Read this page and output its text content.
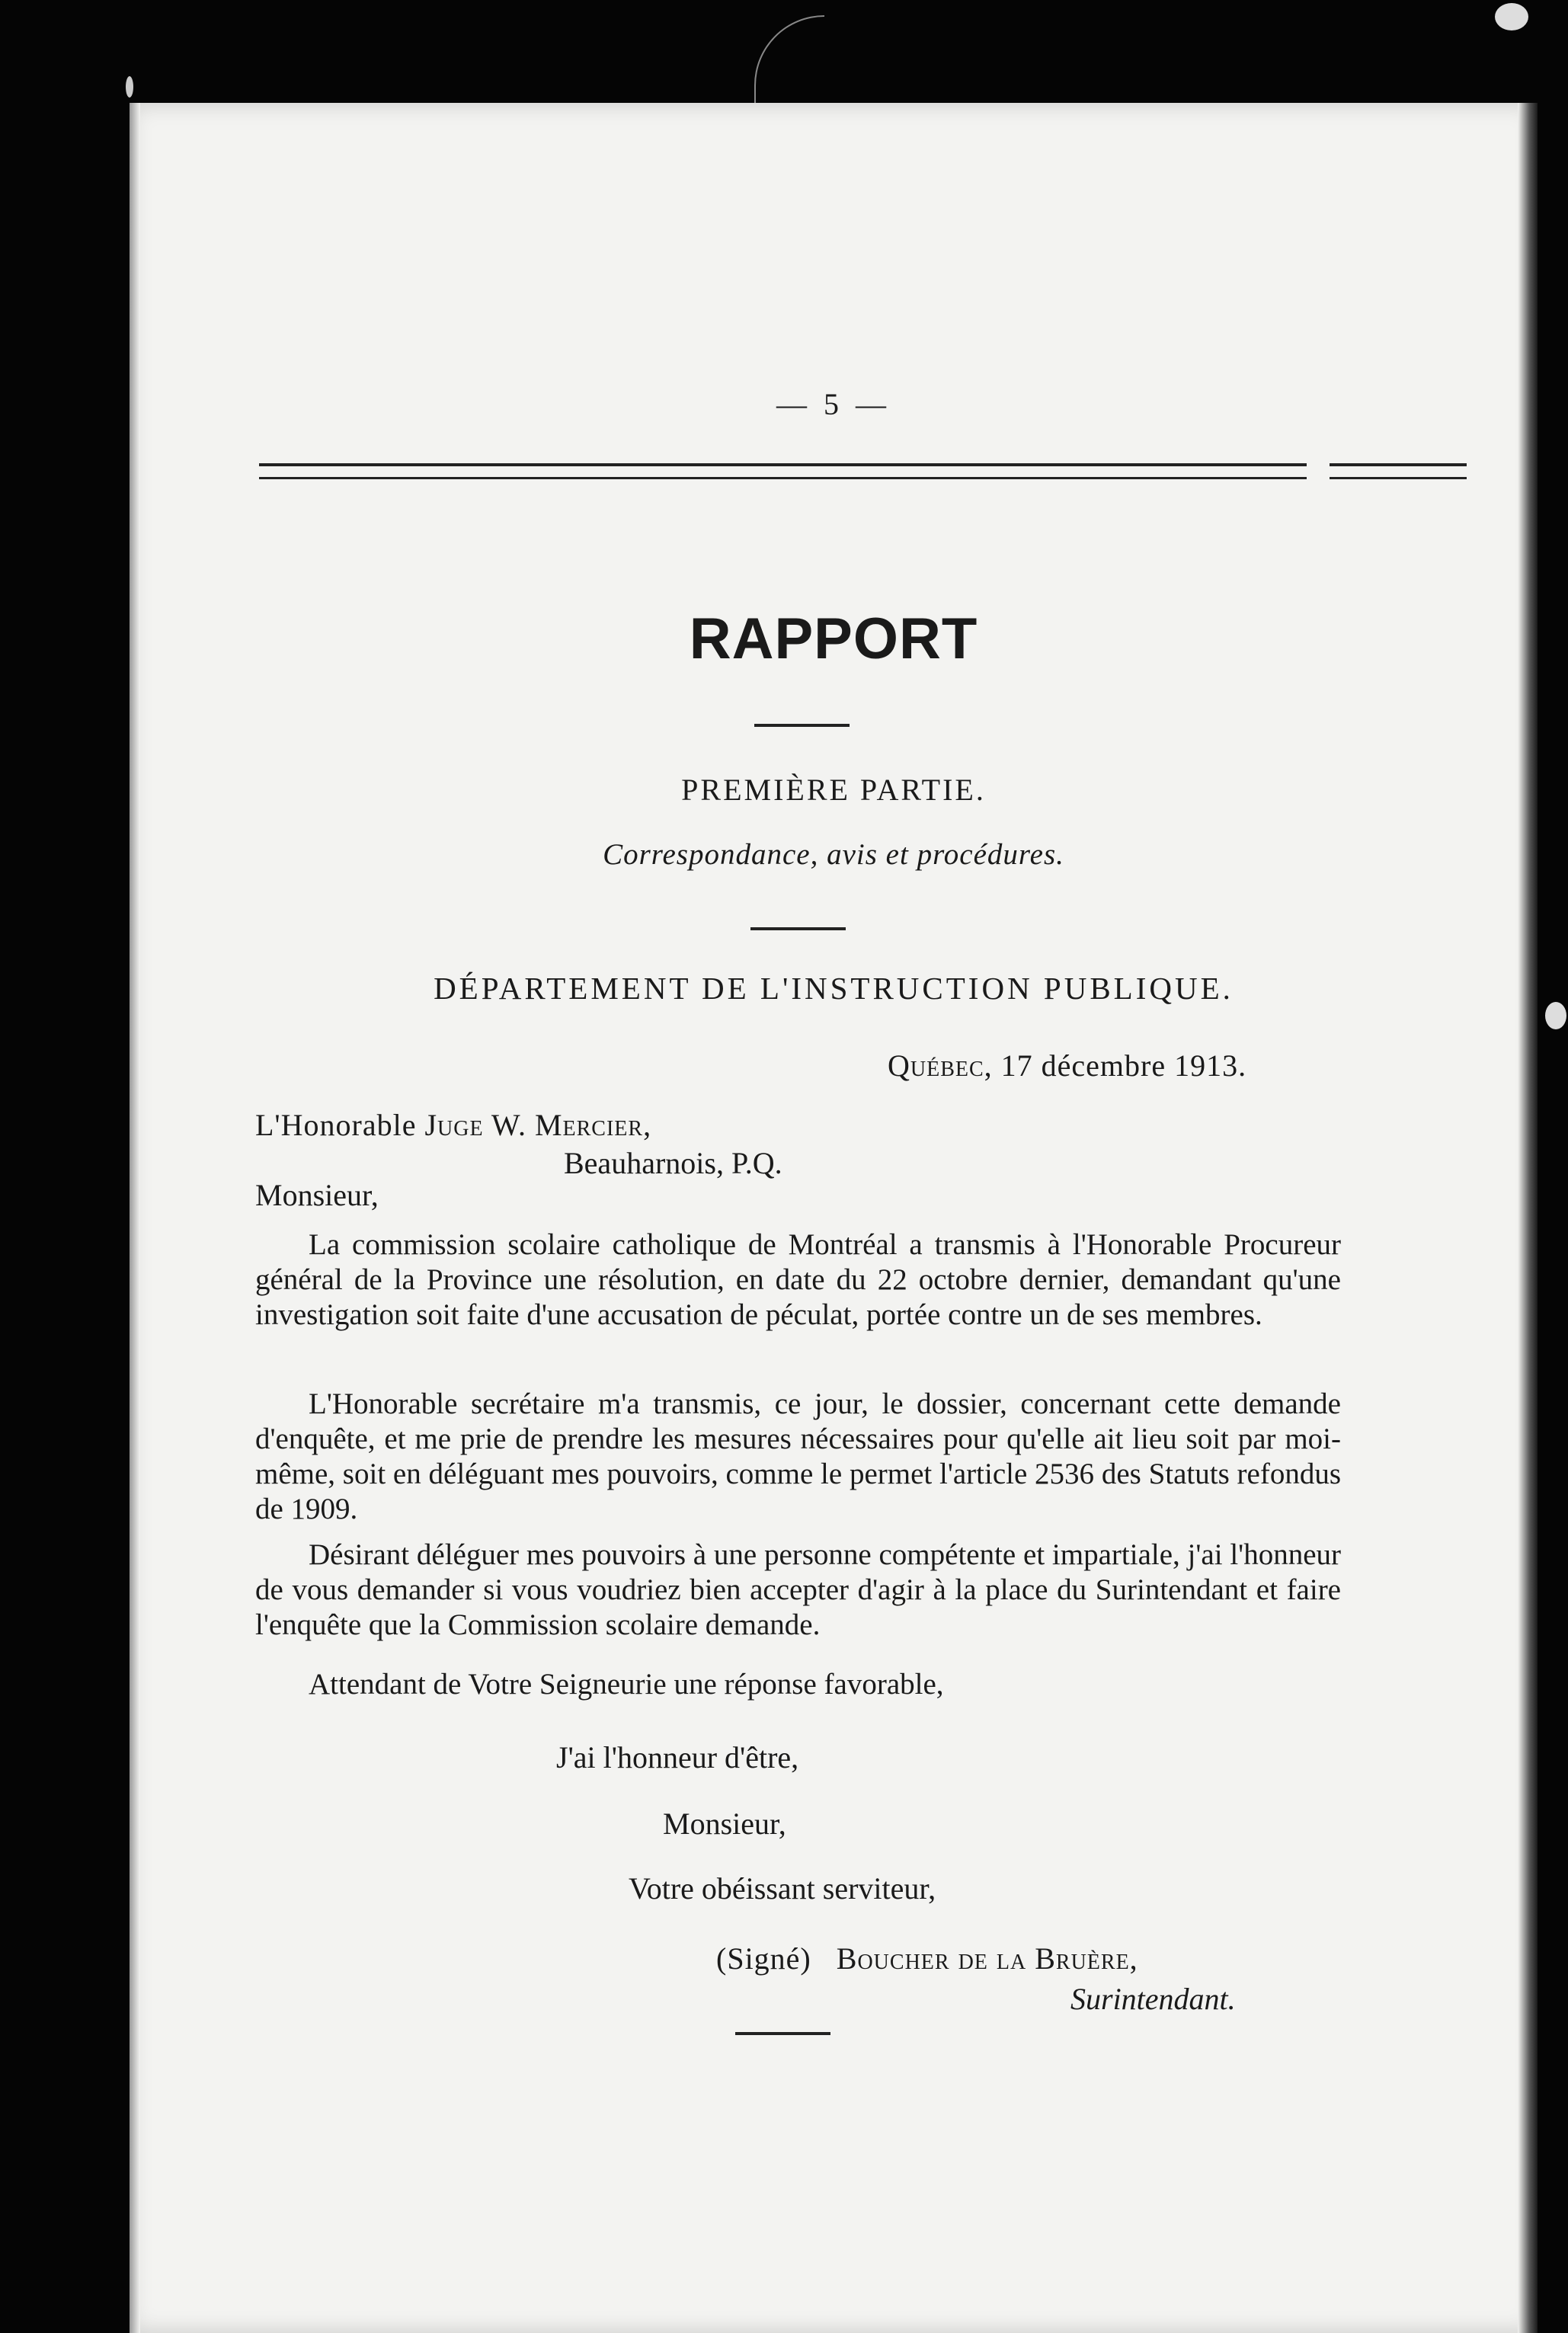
— 5 —
RAPPORT
PREMIÈRE PARTIE.
Correspondance, avis et procédures.
DÉPARTEMENT DE L'INSTRUCTION PUBLIQUE.
Québec, 17 décembre 1913.
L'Honorable Juge W. Mercier,
Beauharnois, P.Q.
Monsieur,

La commission scolaire catholique de Montréal a transmis à l'Honorable Procureur général de la Province une résolution, en date du 22 octobre dernier, demandant qu'une investigation soit faite d'une accusation de péculat, portée contre un de ses membres.

L'Honorable secrétaire m'a transmis, ce jour, le dossier, concernant cette demande d'enquête, et me prie de prendre les mesures nécessaires pour qu'elle ait lieu soit par moi-même, soit en déléguant mes pouvoirs, comme le permet l'article 2536 des Statuts refondus de 1909.

Désirant déléguer mes pouvoirs à une personne compétente et impartiale, j'ai l'honneur de vous demander si vous voudriez bien accepter d'agir à la place du Surintendant et faire l'enquête que la Commission scolaire demande.

Attendant de Votre Seigneurie une réponse favorable,

J'ai l'honneur d'être,
Monsieur,
Votre obéissant serviteur,
(Signé) Boucher de la Bruère,
Surintendant.
